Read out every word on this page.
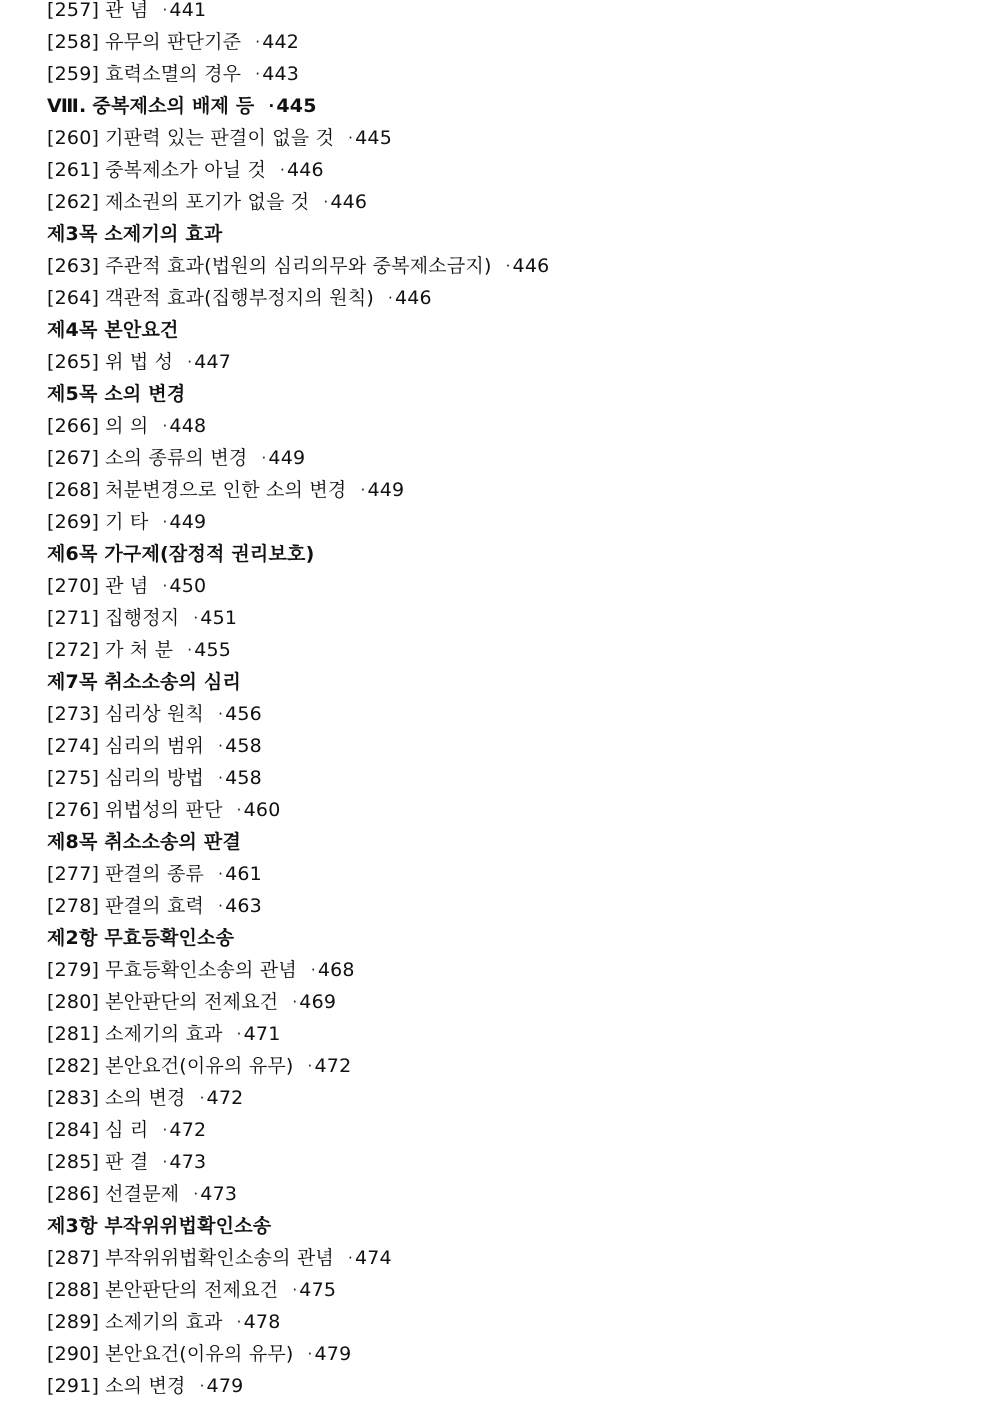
[257] 관 념 · 441
[258] 유무의 판단기준 · 442
[259] 효력소멸의 경우 · 443
Ⅷ. 중복제소의 배제 등 · 445
[260] 기판력 있는 판결이 없을 것 · 445
[261] 중복제소가 아닐 것 · 446
[262] 제소권의 포기가 없을 것 · 446
제3목 소제기의 효과
[263] 주관적 효과(법원의 심리의무와 중복제소금지) · 446
[264] 객관적 효과(집행부정지의 원칙) · 446
제4목 본안요건
[265] 위 법 성 · 447
제5목 소의 변경
[266] 의 의 · 448
[267] 소의 종류의 변경 · 449
[268] 처분변경으로 인한 소의 변경 · 449
[269] 기 타 · 449
제6목 가구제(잠정적 권리보호)
[270] 관 념 · 450
[271] 집행정지 · 451
[272] 가 처 분 · 455
제7목 취소소송의 심리
[273] 심리상 원칙 · 456
[274] 심리의 범위 · 458
[275] 심리의 방법 · 458
[276] 위법성의 판단 · 460
제8목 취소소송의 판결
[277] 판결의 종류 · 461
[278] 판결의 효력 · 463
제2항 무효등확인소송
[279] 무효등확인소송의 관념 · 468
[280] 본안판단의 전제요건 · 469
[281] 소제기의 효과 · 471
[282] 본안요건(이유의 유무) · 472
[283] 소의 변경 · 472
[284] 심 리 · 472
[285] 판 결 · 473
[286] 선결문제 · 473
제3항 부작위위법확인소송
[287] 부작위위법확인소송의 관념 · 474
[288] 본안판단의 전제요건 · 475
[289] 소제기의 효과 · 478
[290] 본안요건(이유의 유무) · 479
[291] 소의 변경 · 479
